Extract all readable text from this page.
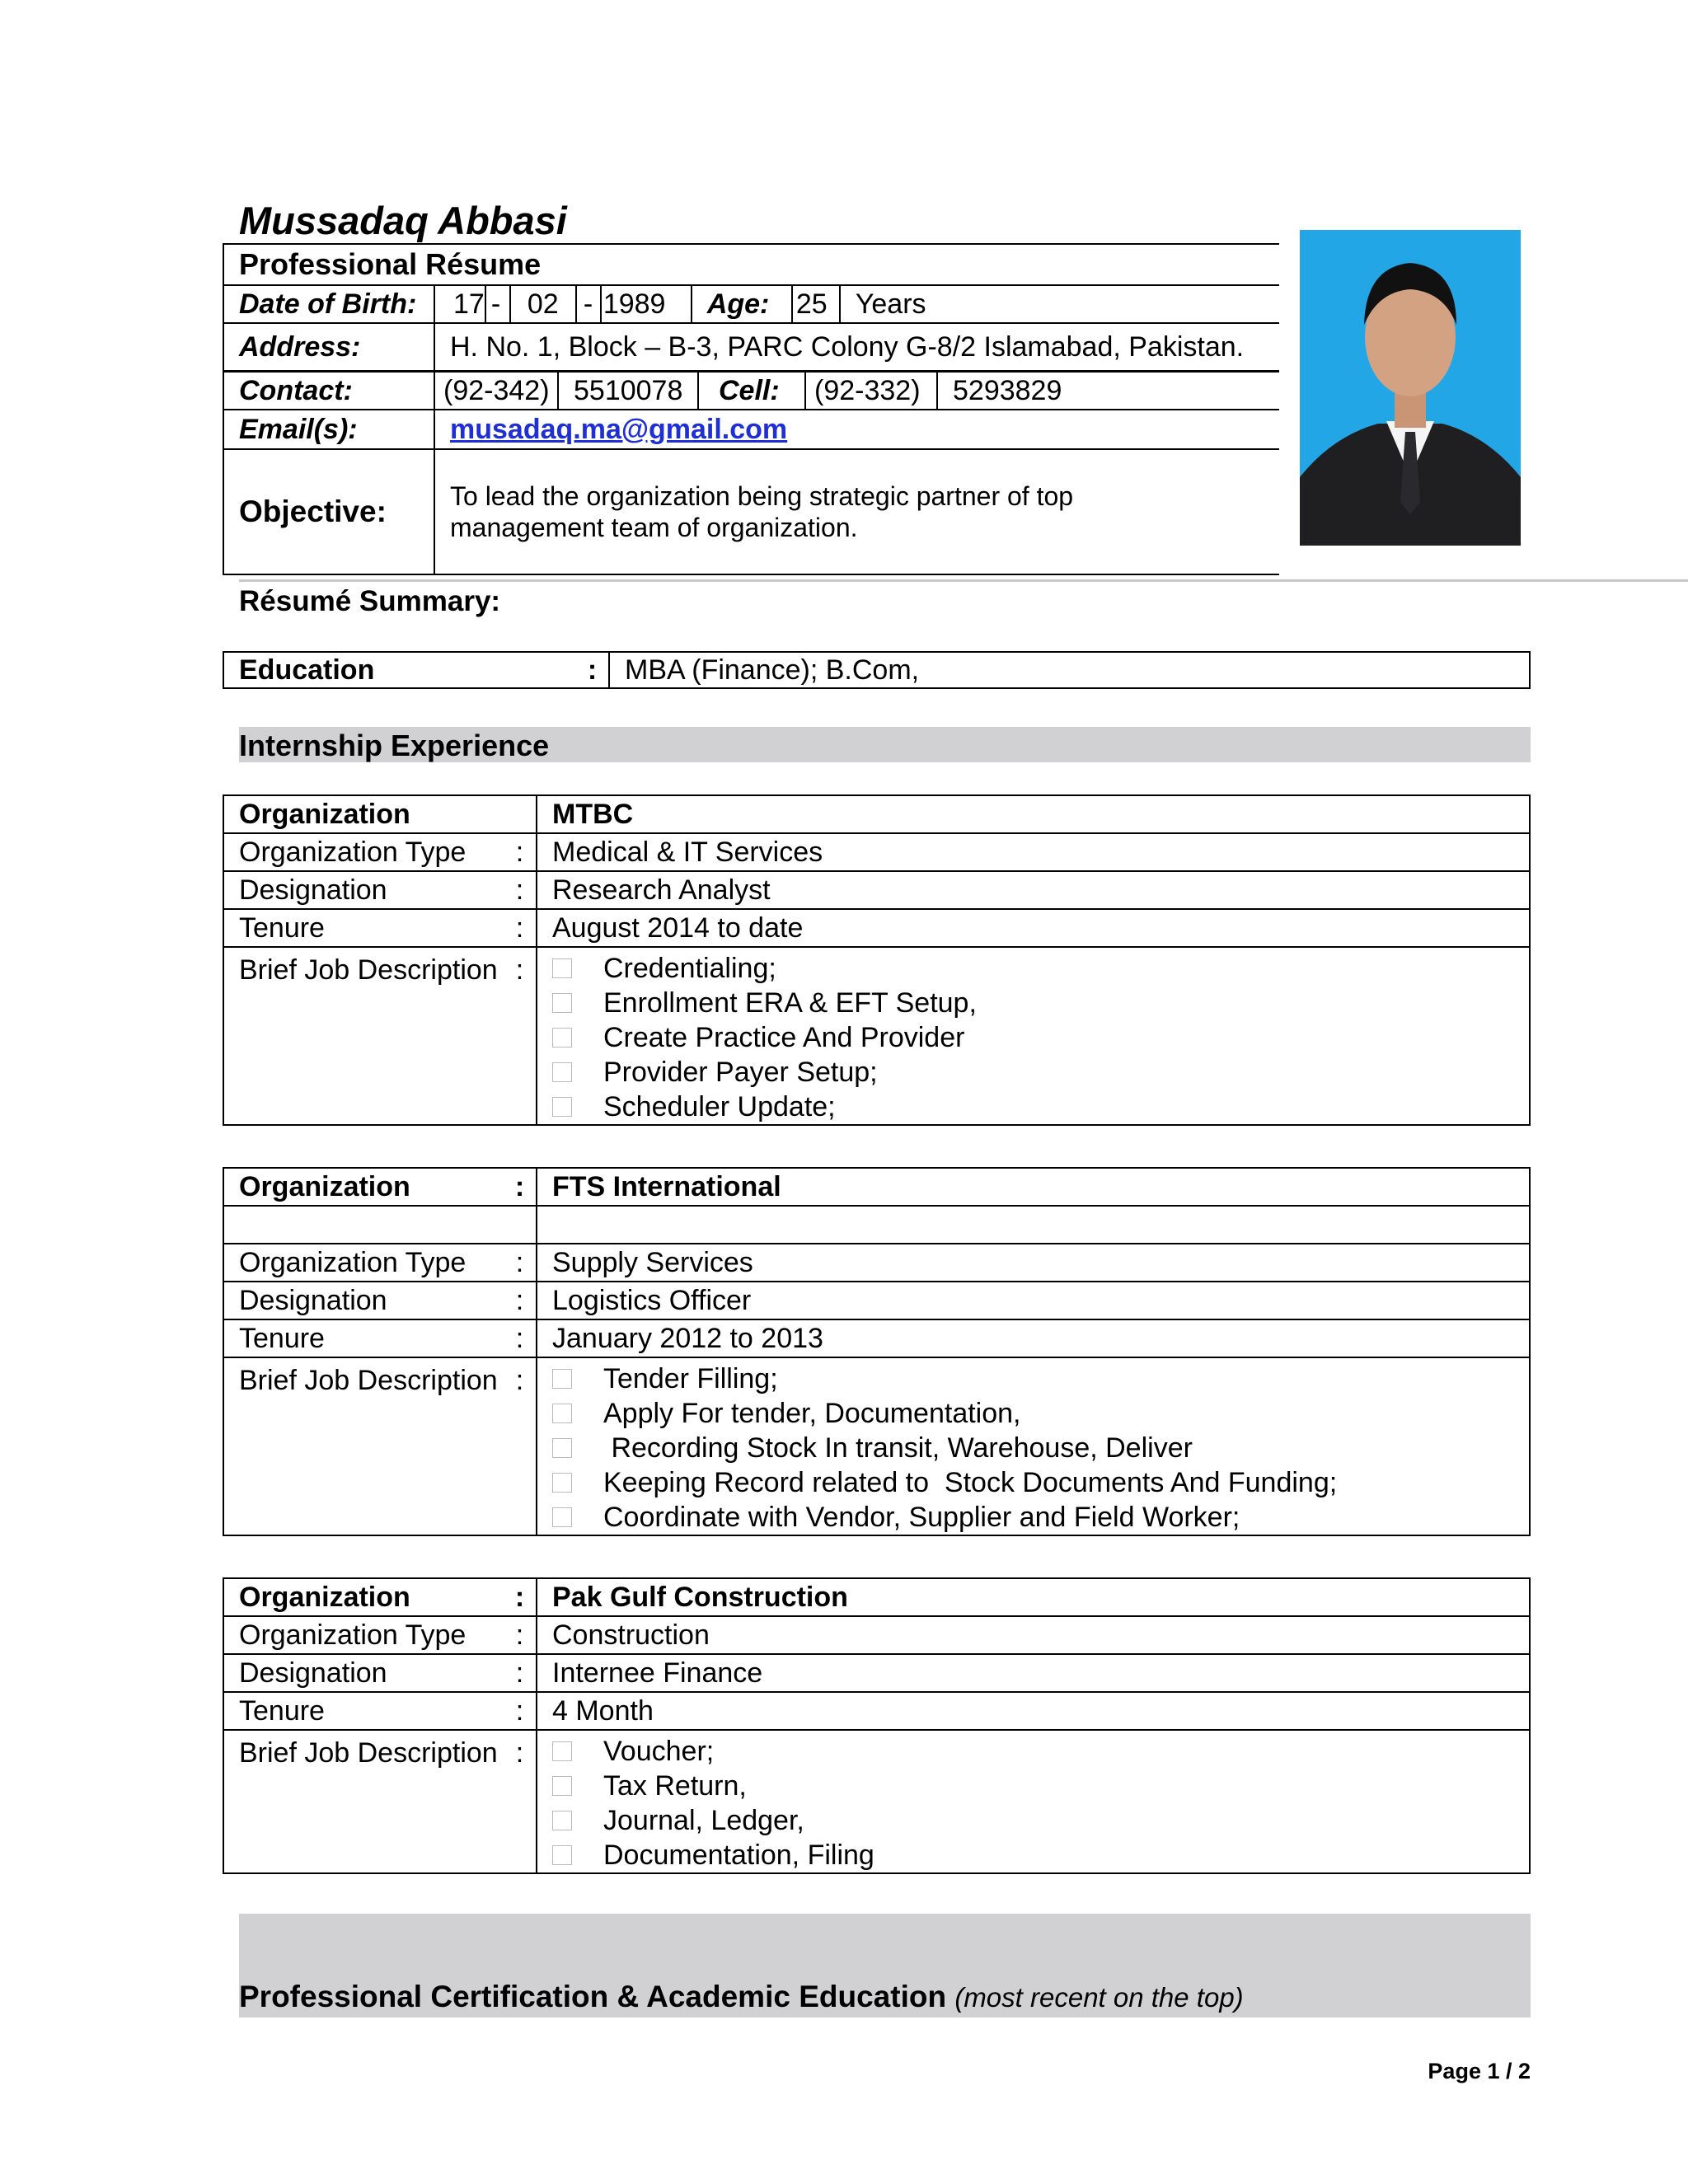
Mussadaq Abbasi
Professional Résume								
Date of Birth:	17	-	02	-	1989	Age:	25	Years
Address:	H. No. 1, Block – B-3, PARC Colony G-8/2 Islamabad, Pakistan.							
Contact:	(92-342)	5510078	Cell:	(92-332)	5293829
Email(s):	musadaq.ma@gmail.com				
Objective:	To lead the organization being strategic partner of top
management team of organization.				
Résumé Summary:
Education	:	MBA (Finance); B.Com,
Internship Experience
Organization		MTBC
Organization Type	:	Medical & IT Services
Designation	:	Research Analyst
Tenure	:	August 2014 to date
Brief Job Description	:	Credentialing;
Enrollment ERA & EFT Setup,
Create Practice And Provider
Provider Payer Setup;
Scheduler Update;
Organization	:	FTS International

Organization Type	:	Supply Services
Designation	:	Logistics Officer
Tenure	:	January 2012 to 2013
Brief Job Description	:	Tender Filling;
Apply For tender, Documentation,
Recording Stock In transit, Warehouse, Deliver
Keeping Record related to  Stock Documents And Funding;
Coordinate with Vendor, Supplier and Field Worker;
Organization	:	Pak Gulf Construction
Organization Type	:	Construction
Designation	:	Internee Finance
Tenure	:	4 Month
Brief Job Description	:	Voucher;
Tax Return,
Journal, Ledger,
Documentation, Filing
Professional Certification & Academic Education (most recent on the top)
Page 1 / 2
